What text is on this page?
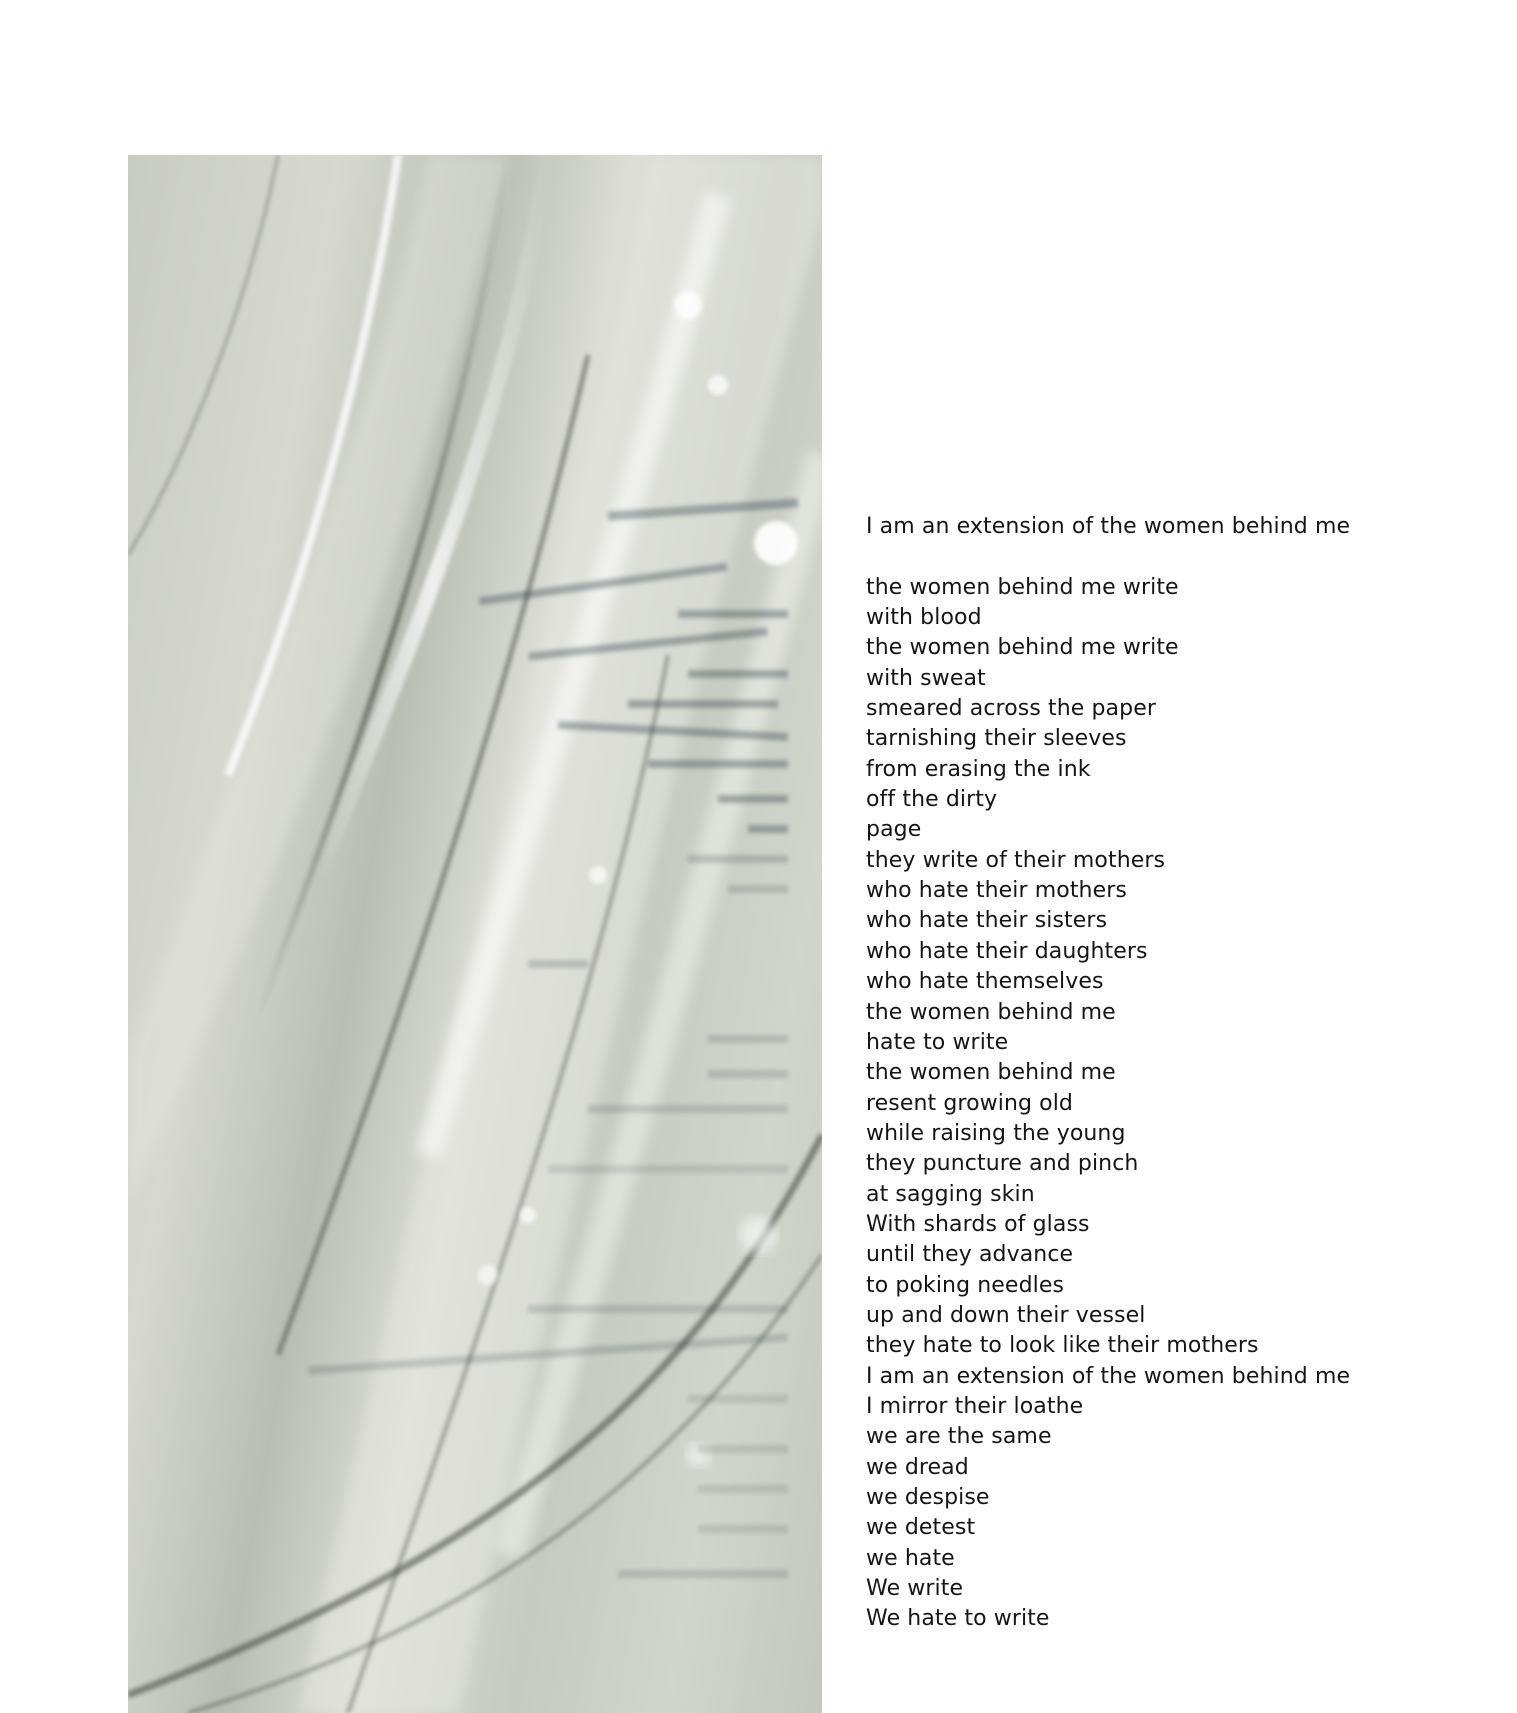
I am an extension of the women behind me
the women behind me write
with blood
the women behind me write
with sweat
smeared across the paper
tarnishing their sleeves
from erasing the ink
off the dirty
page
they write of their mothers
who hate their mothers
who hate their sisters
who hate their daughters
who hate themselves
the women behind me
hate to write
the women behind me
resent growing old
while raising the young
they puncture and pinch
at sagging skin
With shards of glass
until they advance
to poking needles
up and down their vessel
they hate to look like their mothers
I am an extension of the women behind me
I mirror their loathe
we are the same
we dread
we despise
we detest
we hate
We write
We hate to write
